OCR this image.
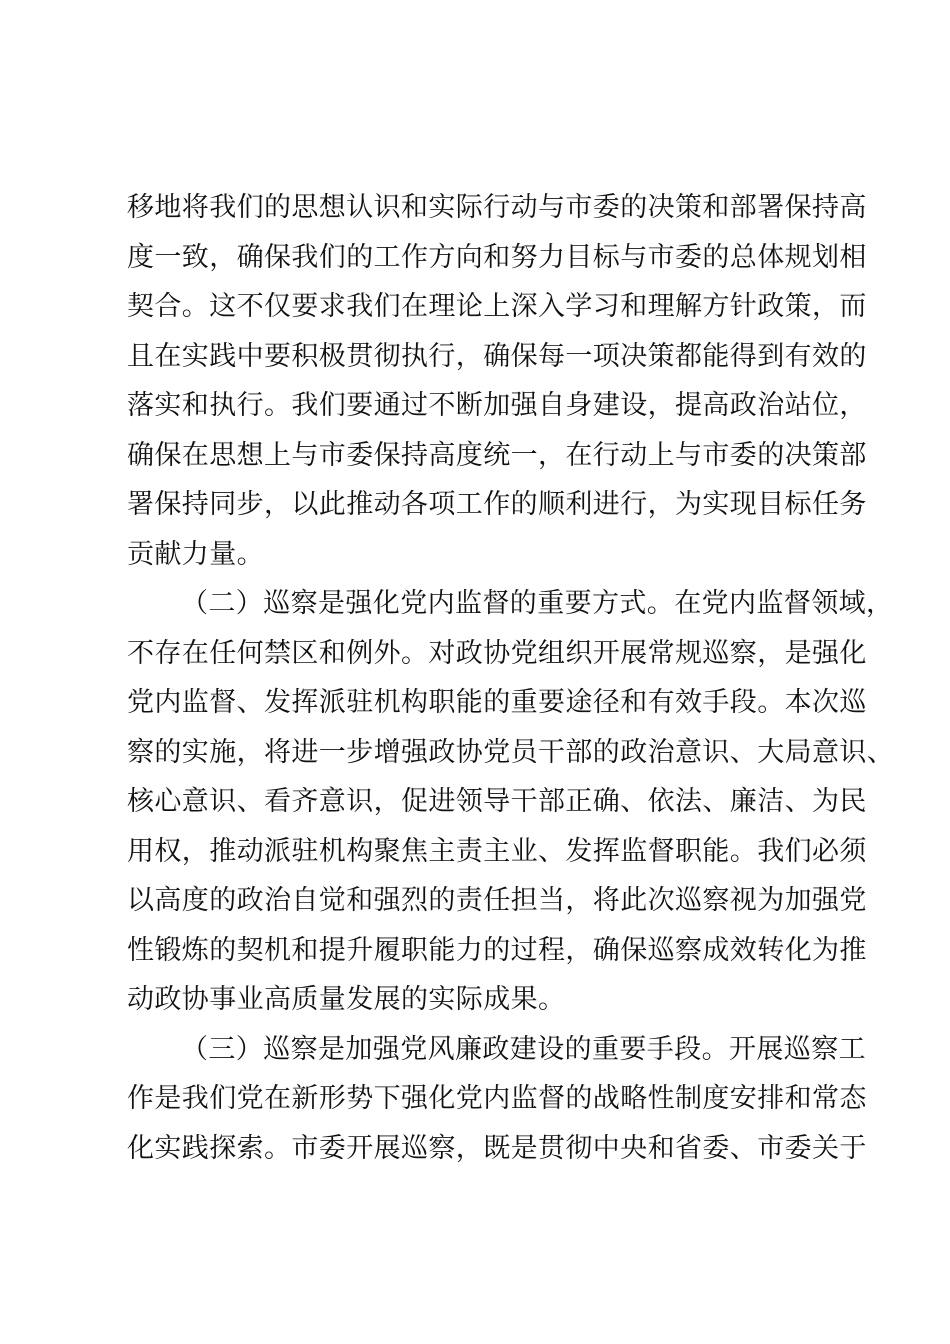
移地将我们的思想认识和实际行动与市委的决策和部署保持高
度一致，确保我们的工作方向和努力目标与市委的总体规划相
契合。这不仅要求我们在理论上深入学习和理解方针政策，而
且在实践中要积极贯彻执行，确保每一项决策都能得到有效的
落实和执行。我们要通过不断加强自身建设，提高政治站位，
确保在思想上与市委保持高度统一，在行动上与市委的决策部
署保持同步，以此推动各项工作的顺利进行，为实现目标任务
贡献力量。
（二）巡察是强化党内监督的重要方式。在党内监督领域，
不存在任何禁区和例外。对政协党组织开展常规巡察，是强化
党内监督、发挥派驻机构职能的重要途径和有效手段。本次巡
察的实施，将进一步增强政协党员干部的政治意识、大局意识、
核心意识、看齐意识，促进领导干部正确、依法、廉洁、为民
用权，推动派驻机构聚焦主责主业、发挥监督职能。我们必须
以高度的政治自觉和强烈的责任担当，将此次巡察视为加强党
性锻炼的契机和提升履职能力的过程，确保巡察成效转化为推
动政协事业高质量发展的实际成果。
（三）巡察是加强党风廉政建设的重要手段。开展巡察工
作是我们党在新形势下强化党内监督的战略性制度安排和常态
化实践探索。市委开展巡察，既是贯彻中央和省委、市委关于
